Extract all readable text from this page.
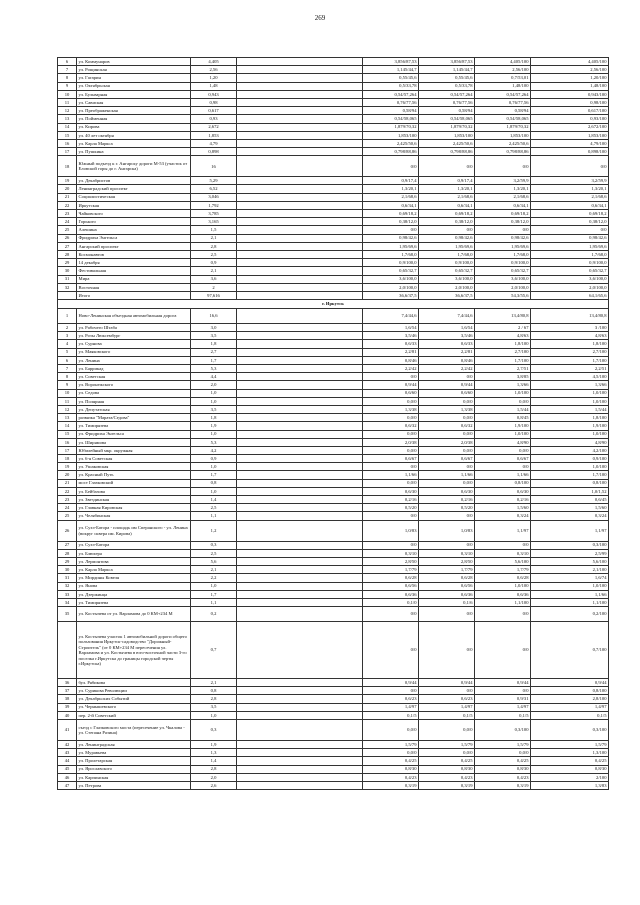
269
6	ул. Коммунаров	4,405		3,856/87,53	3,856/87,53	4,405/100	4,405/100
7	ул. Рощинская	2,56		1,145/44,7	1,145/44,7	2,56/100	2,56/100
8	ул. Гагарин	1,20		0,55/45,6	0,55/45,6	0,7/53,01	1,20/100
9	ул. Октябрьская	1,48		0,5/33,78	0,5/33,78	1,48/100	1,48/100
10	ул. Бульварная	0,943		0,54/57,264	0,54/57,264	0,54/57,264	0,943/100
11	ул. Савиская	0,98		0,76/77,56	0,76/77,56	0,76/77,56	0,98/100
12	ул. Преображенская	0,617		0,58/94	0,58/94	0,58/94	0,617/100
13	ул. Пойменная	0,93		0,54/58,065	0,54/58,065	0,54/58,065	0,93/100
14	ул. Кирова	2,672		1,879/70,32	1,879/70,32	1,879/70,32	2,672/100
15	ул. 40 лет октября	1,853		1,853/100	1,853/100	1,853/100	1,853/100
16	ул. Карла Маркса	4,79		2,425/50,6	2,425/50,6	2,425/50,6	4,79/100
17	ул. Пушкина	0,898		0,798/88,86	0,798/88,86	0,798/88,86	0,898/100
18	Южный подъезд к г. Ангарску дороги М-53 (участок от Еловской горы до г. Ангарска)	16		0/0	0/0	0/0	0/0
19	ул. Декабристов	5,29		0,9/17,4	0,9/17,4	3,2/59,9	3,2/59,9
20	Ленинградский проспект	6,52		1,3/20,1	1,3/20,1	1,3/20,1	1,3/20,1
21	Социалистическая	3,046		2,1/68,6	2,1/68,6	2,1/68,6	2,1/68,6
22	Иркутская	1,792		0,6/34,1	0,6/34,1	0,6/34,1	0,6/34,1
23	Чайковского	3,785		0,69/18,2	0,69/18,2	0,69/18,2	0,69/18,2
24	Горького	3,165		0,38/12,0	0,38/12,0	0,38/12,0	0,38/12,0
25	Алешина	1,5		0/0	0/0	0/0	0/0
26	Фридриха Энгельса	2,1		0,98/42,6	0,98/42,6	0,98/42,6	0,98/42,6
27	Ангарский проспект	2,8		1,95/69,6	1,95/69,6	1,95/69,6	1,95/69,6
28	Космонавтов	2,5		1,7/68,0	1,7/68,0	1,7/68,0	1,7/68,0
29	14 декабря	0,9		0,9/100,0	0,9/100,0	0,9/100,0	0,9/100,0
30	Фестивальная	2,1		0,65/32,7	0,65/32,7	0,65/32,7	0,65/32,7
31	Мира	3,6		3,6/100,0	3,6/100,0	3,6/100,0	3,6/100,0
32	Восточная	2		2,0/100,0	2,0/100,0	2,0/100,0	2,0/100,0
	Итого	97,616		36,6/37,5	36,6/37,5	54,3/55,6	64,1/65,6
г. Иркутск							
1	Ново-Ленинская объездная автомобильная дорога	16,6		7,4/44,6	7,4/44,6	13,4/80,8	13,4/80,8
2	ул. Рабочего Штаба	3,0		1,6/54	1,6/54	2 / 67	3 /100
3	ул. Розы Люксембург	3,5		3,5/46	3,5/46	4,8/63	4,8/63
4	ул. Сурнова	1,8		0,6/33	0,6/33	1,8/100	1,8/100
5	ул. Маяковского	2,7		2,2/81	2,2/81	2,7/100	2,7/100
6	ул. Ленина	1,7		0,8/46	0,8/46	1,7/100	1,7/100
7	ул. Баррикад	5,3		2,2/42	2,2/42	2,7/51	2,2/51
8	ул. Советская	4,4		0/0	0/0	3,8/85	4,5/100
9	ул. Воронежского	2,0		0,9/44	0,9/44	1,3/66	1,3/66
10	ул. Седова	1,0		0,6/60	0,6/60	1,0/100	1,0/100
11	ул. Полярная	1,0		0,0/0	0,0/0	0,0/0	1,0/100
12	ул. Депутатская	3,5		1,3/38	1,3/38	1,5/44	1,5/44
13	развязка "Марата/Седова"	1,8		0,0/0	0,0/0	0,8/45	1,8/100
14	ул. Тимирязева	1,9		0,6/32	0,6/32	1,9/100	1,9/100
15	ул. Фридриха Энгельса	1,0		0,0/0	0,0/0	1,0/100	1,0/100
16	ул. Ширямова	5,3		2,0/38	2,0/38	4,8/90	4,8/90
17	Юбилейный мкр. окружная	4,2		0,0/0	0,0/0	0,0/0	4,2/100
18	ул. 6-я Советская	0,9		0,6/67	0,6/67	0,6/67	0,9/100
19	ул. Ушаковская	1,0		0/0	0/0	0/0	1,0/100
20	ул. Красный Путь	1,7		1,1/66	1,1/66	1,1/66	1,7/100
21	мост Глазковский	0,8		0,0/0	0,0/0	0,8/100	0,8/100
22	ул. Бейбазова	1,0		0,6/30	0,6/30	0,6/30	1,0/1,52
23	ул. Звездинская	1,4		0,2/16	0,2/16	0,2/16	0,6/45
24	ул. Главная Кировская	2,5		0,5/20	0,5/20	1,5/60	1,5/60
25	ул. Челябинская	1,1		0/0	0/0	0,3/24	0,3/24
26	ул. Сухэ-Батора - площадь им Сперанского - ул. Ленина (вокруг сквера им. Кирова)	1,2		1,0/83	1,0/83	1,1/97	1,1/97
27	ул. Сухэ-Батора	0,3		0/0	0/0	0/0	0,3/100
28	ул. Блюхера	2,5		0,3/10	0,3/10	0,3/10	2,5/99
29	ул. Лермонтова	5,6		2,8/50	2,8/50	5,6/100	5,6/100
30	ул. Карла Маркса	2,1		1,7/79	1,7/79	1,7/79	2,1/100
31	ул. Мирдины Ковеля	2,2		0,6/28	0,6/28	0,6/28	1,6/74
32	ул. Янова	1,0		0,6/56	0,6/56	1,0/100	1,0/100
33	ул. Дзержинца	1,7		0,6/36	0,6/36	0,6/36	1,1/66
34	ул. Тимирязева	1,1		0,1/0	0,1/6	1,1/100	1,1/100
35	ул. Костычева от ул. Варламова до 0 КМ+234 М	0,2		0/0	0/0	0/0	0,2/100
	ул. Костычева участок 1 автомобильной дороги общего пользования Иркутск-садоводство "Дорожный-Строитель" (от 0 КМ+234 М пересечения ул. Варламова и ул. Костычева в юго-восточной части 3-го поселка г.Иркутска до границы городской черты г.Иркутска)	0,7		0/0	0/0	0/0	0,7/100
36	бул. Рябикова	2,1		0,9/44	0,9/44	0,9/44	0,9/44
37	ул. Сурикова Революции	0,8		0/0	0/0	0/0	0,8/100
38	ул. Декабрьских Событий	2,8		0,6/23	0,6/23	0,9/31	2,8/100
39	ул. Чернышевского	3,5		1,4/97	1,4/97	1,4/97	1,4/97
40	пер. 2-й Советский	1,0		0,1/5	0,1/5	0,1/5	0,1/5
41	съезд с Глазковского моста (пересечение ул. Чкалова - ул. Степана Разина)	0,3		0,0/0	0,0/0	0,3/100	0,3/100
42	ул. Ленинградская	1,9		1,5/79	1,5/79	1,5/79	1,5/79
43	ул. Муравьева	1,3		0,0/0	0,0/0	0,0/0	1,3/100
44	ул. Пролетарская	1,4		0,4/25	0,4/25	0,4/25	0,4/25
45	ул. Ярославского	2,8		0,8/30	0,8/30	0,8/30	0,8/30
46	ул. Карпинская	2,0		0,4/23	0,4/23	0,4/23	2/100
47	ул. Петрова	2,6		0,3/19	0,3/19	0,3/19	1,3/83
